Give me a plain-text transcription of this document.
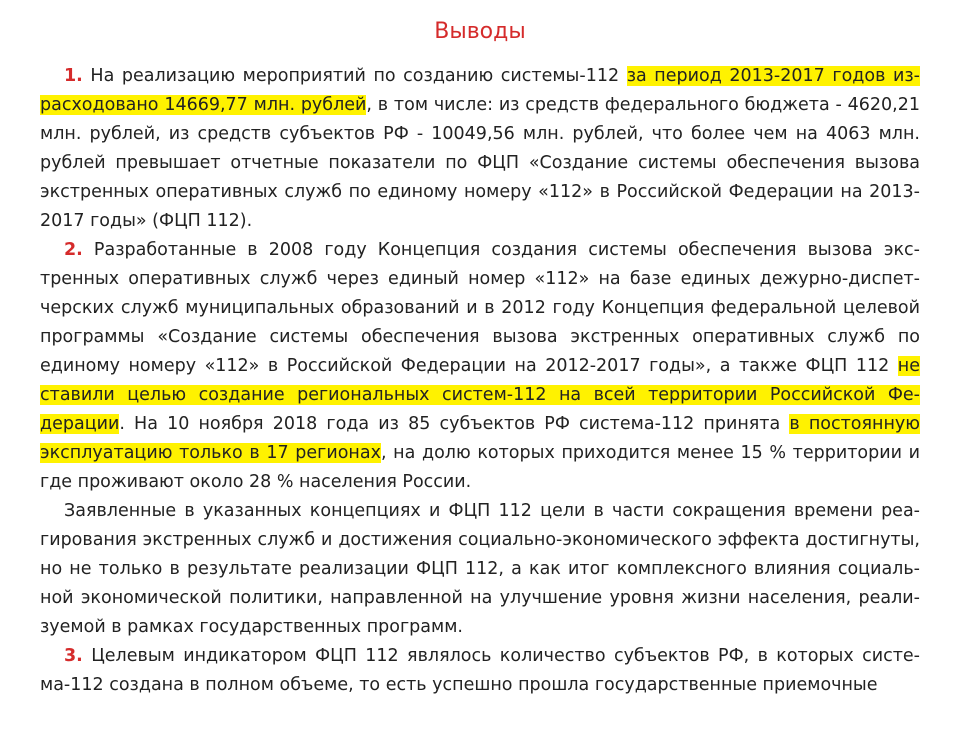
Выводы

1. На реализацию мероприятий по созданию системы-112 за период 2013-2017 годов израсходовано 14669,77 млн. рублей, в том числе: из средств федерального бюджета - 4620,21 млн. рублей, из средств субъектов РФ - 10049,56 млн. рублей, что более чем на 4063 млн. рублей превышает отчетные показатели по ФЦП «Создание системы обеспечения вызова экстренных оперативных служб по единому номеру «112» в Российской Федерации на 2013-2017 годы» (ФЦП 112).

2. Разработанные в 2008 году Концепция создания системы обеспечения вызова экстренных оперативных служб через единый номер «112» на базе единых дежурно-диспетчерских служб муниципальных образований и в 2012 году Концепция федеральной целевой программы «Создание системы обеспечения вызова экстренных оперативных служб по единому номеру «112» в Российской Федерации на 2012-2017 годы», а также ФЦП 112 не ставили целью создание региональных систем-112 на всей территории Российской Федерации. На 10 ноября 2018 года из 85 субъектов РФ система-112 принята в постоянную эксплуатацию только в 17 регионах, на долю которых приходится менее 15 % территории и где проживают около 28 % населения России.

Заявленные в указанных концепциях и ФЦП 112 цели в части сокращения времени реагирования экстренных служб и достижения социально-экономического эффекта достигнуты, но не только в результате реализации ФЦП 112, а как итог комплексного влияния социальной экономической политики, направленной на улучшение уровня жизни населения, реализуемой в рамках государственных программ.

3. Целевым индикатором ФЦП 112 являлось количество субъектов РФ, в которых система-112 создана в полном объеме, то есть успешно прошла государственные приемочные
